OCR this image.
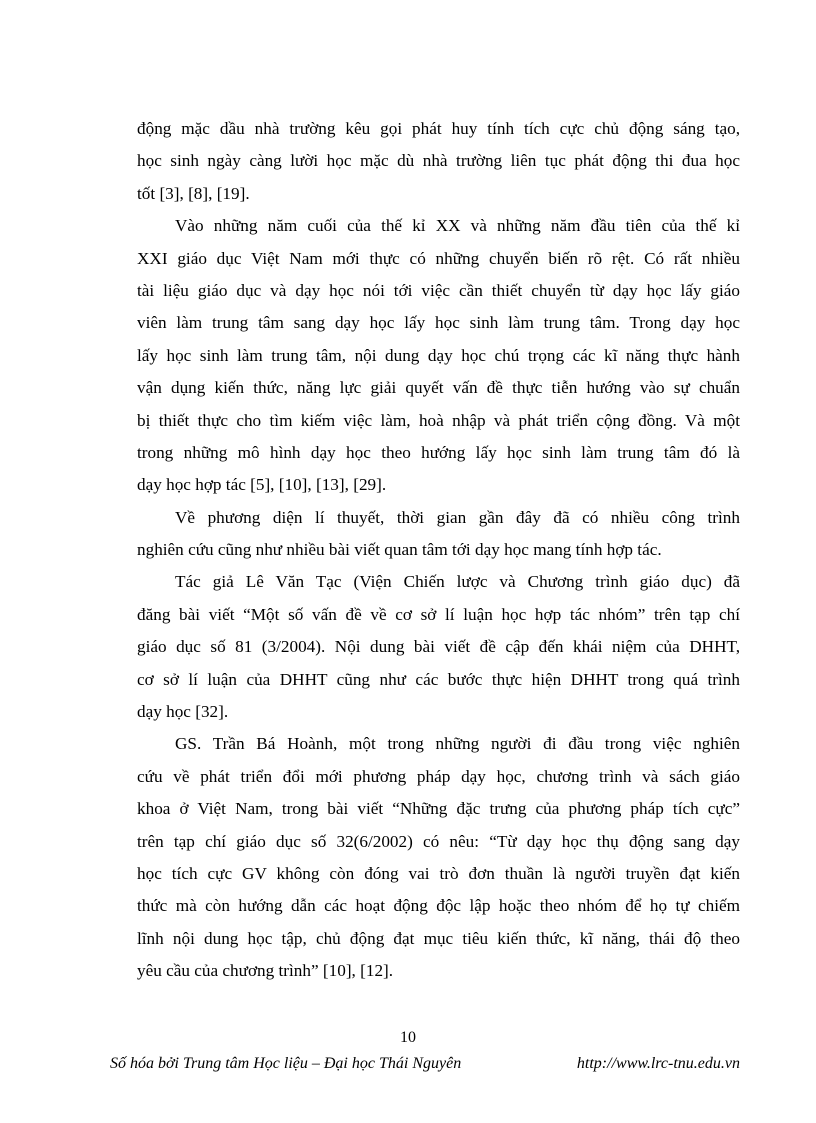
động mặc dầu nhà trường kêu gọi phát huy tính tích cực chủ động sáng tạo,
học sinh ngày càng lười học mặc dù nhà trường liên tục phát động thi đua học
tốt [3], [8], [19].
Vào những năm cuối của thế kỉ XX và những năm đầu tiên của thế kỉ
XXI giáo dục Việt Nam mới thực có những chuyển biến rõ rệt. Có rất nhiều
tài liệu giáo dục và dạy học nói tới việc cần thiết chuyển từ dạy học lấy giáo
viên làm trung tâm sang dạy học lấy học sinh làm trung tâm. Trong dạy học
lấy học sinh làm trung tâm, nội dung dạy học chú trọng các kĩ năng thực hành
vận dụng kiến thức, năng lực giải quyết vấn đề thực tiễn hướng vào sự chuẩn
bị thiết thực cho tìm kiếm việc làm, hoà nhập và phát triển cộng đồng. Và một
trong những mô hình dạy học theo hướng lấy học sinh làm trung tâm đó là
dạy học hợp tác [5], [10], [13], [29].
Về phương diện lí thuyết, thời gian gần đây đã có nhiều công trình
nghiên cứu cũng như nhiều bài viết quan tâm tới dạy học mang tính hợp tác.
Tác giả Lê Văn Tạc (Viện Chiến lược và Chương trình giáo dục) đã
đăng bài viết “Một số vấn đề về cơ sở lí luận học hợp tác nhóm” trên tạp chí
giáo dục số 81 (3/2004). Nội dung bài viết đề cập đến khái niệm của DHHT,
cơ sở lí luận của DHHT cũng như các bước thực hiện DHHT trong quá trình
dạy học [32].
GS. Trần Bá Hoành, một trong những người đi đầu trong việc nghiên
cứu về phát triển đổi mới phương pháp dạy học, chương trình và sách giáo
khoa ở Việt Nam, trong bài viết “Những đặc trưng của phương pháp tích cực”
trên tạp chí giáo dục số 32(6/2002) có nêu: “Từ dạy học thụ động sang dạy
học tích cực GV không còn đóng vai trò đơn thuần là người truyền đạt kiến
thức mà còn hướng dẫn các hoạt động độc lập hoặc theo nhóm để họ tự chiếm
lĩnh nội dung học tập, chủ động đạt mục tiêu kiến thức, kĩ năng, thái độ theo
yêu cầu của chương trình” [10], [12].
10
Số hóa bởi Trung tâm Học liệu – Đại học Thái Nguyên	http://www.lrc-tnu.edu.vn
